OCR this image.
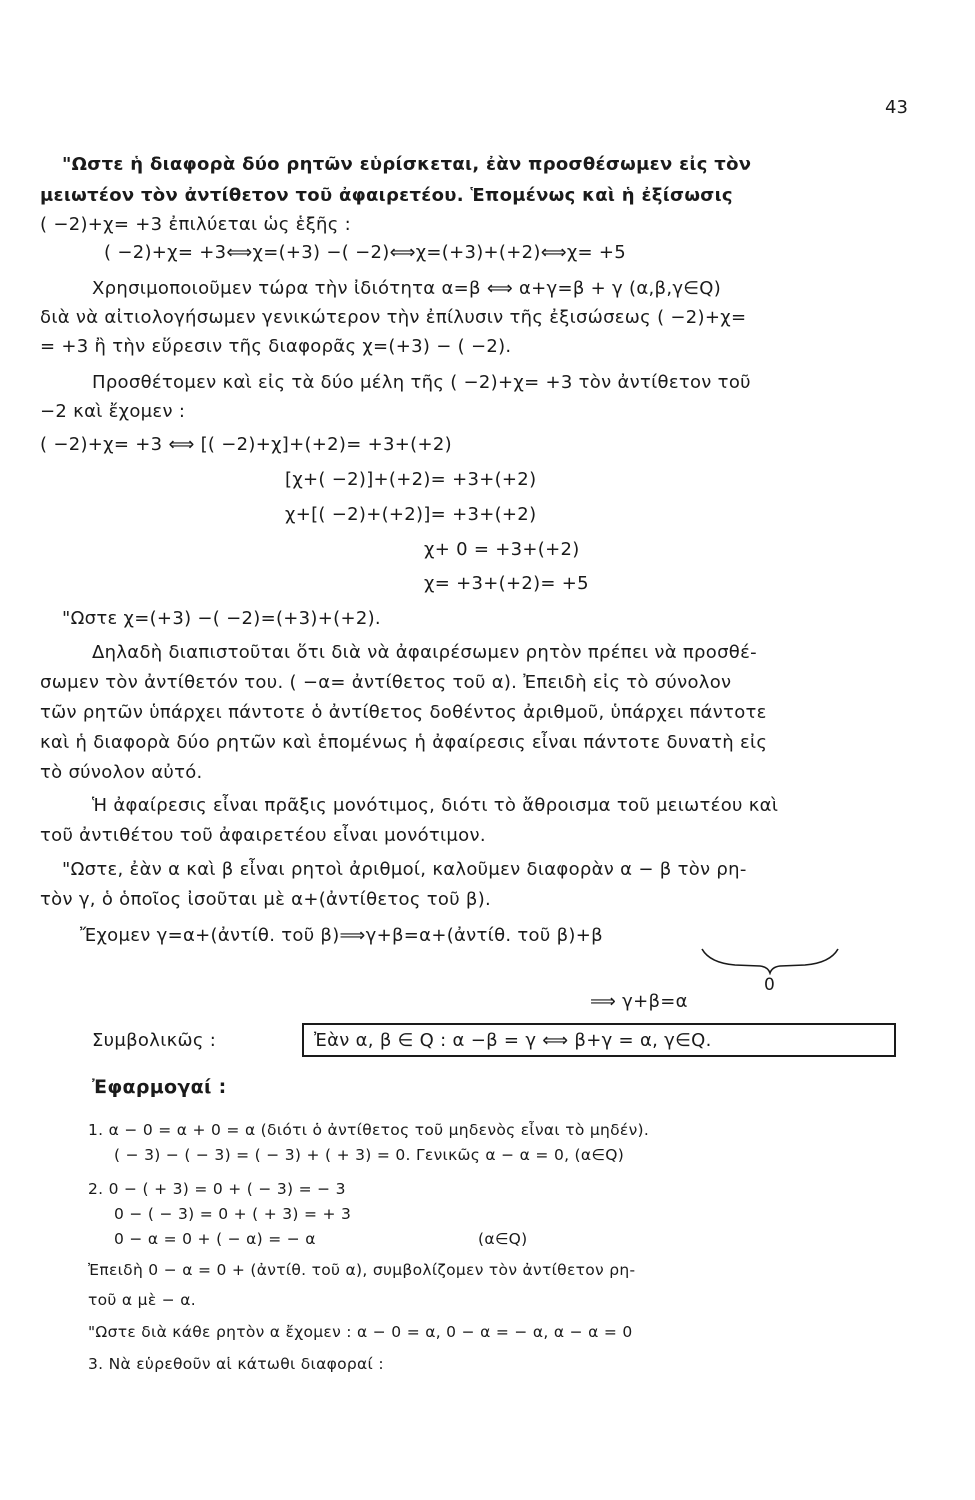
43
"Ωστε ἡ διαφορὰ δύο ρητῶν εὑρίσκεται, ἐὰν προσθέσωμεν εἰς τὸν
μειωτέον τὸν ἀντίθετον τοῦ ἀφαιρετέου. Ἑπομένως καὶ ἡ ἐξίσωσις
( −2)+χ= +3 ἐπιλύεται ὡς ἑξῆς :
( −2)+χ= +3⟺χ=(+3) −( −2)⟺χ=(+3)+(+2)⟺χ= +5
Χρησιμοποιοῦμεν τώρα τὴν ἰδιότητα α=β ⟺ α+γ=β + γ (α,β,γ∈Q)
διὰ νὰ αἰτιολογήσωμεν γενικώτερον τὴν ἐπίλυσιν τῆς ἐξισώσεως ( −2)+χ=
= +3 ἢ τὴν εὕρεσιν τῆς διαφορᾶς χ=(+3) − ( −2).
Προσθέτομεν καὶ εἰς τὰ δύο μέλη τῆς ( −2)+χ= +3 τὸν ἀντίθετον τοῦ
−2 καὶ ἔχομεν :
( −2)+χ= +3 ⟺ [( −2)+χ]+(+2)= +3+(+2)
[χ+( −2)]+(+2)= +3+(+2)
χ+[( −2)+(+2)]= +3+(+2)
χ+ 0 = +3+(+2)
χ= +3+(+2)= +5
"Ωστε χ=(+3) −( −2)=(+3)+(+2).
Δηλαδὴ διαπιστοῦται ὅτι διὰ νὰ ἀφαιρέσωμεν ρητὸν πρέπει νὰ προσθέ-
σωμεν τὸν ἀντίθετόν του. ( −α= ἀντίθετος τοῦ α). Ἐπειδὴ εἰς τὸ σύνολον
τῶν ρητῶν ὑπάρχει πάντοτε ὁ ἀντίθετος δοθέντος ἀριθμοῦ, ὑπάρχει πάντοτε
καὶ ἡ διαφορὰ δύο ρητῶν καὶ ἑπομένως ἡ ἀφαίρεσις εἶναι πάντοτε δυνατὴ εἰς
τὸ σύνολον αὐτό.
Ἡ ἀφαίρεσις εἶναι πρᾶξις μονότιμος, διότι τὸ ἄθροισμα τοῦ μειωτέου καὶ
τοῦ ἀντιθέτου τοῦ ἀφαιρετέου εἶναι μονότιμον.
"Ωστε, ἐὰν α καὶ β εἶναι ρητοὶ ἀριθμοί, καλοῦμεν διαφορὰν α − β τὸν ρη-
τὸν γ, ὁ ὁποῖος ἰσοῦται μὲ α+(ἀντίθετος τοῦ β).
Ἔχομεν γ=α+(ἀντίθ. τοῦ β)⟹γ+β=α+(ἀντίθ. τοῦ β)+β
0
⟹ γ+β=α
Συμβολικῶς :	Ἐὰν α, β ∈ Q : α −β = γ ⟺ β+γ = α, γ∈Q.
Ἐφαρμογαί :
1. α − 0 = α + 0 = α (διότι ὁ ἀντίθετος τοῦ μηδενὸς εἶναι τὸ μηδέν).
( − 3) − ( − 3) = ( − 3) + ( + 3) = 0. Γενικῶς α − α = 0, (α∈Q)
2. 0 − ( + 3) = 0 + ( − 3) = − 3
0 − ( − 3) = 0 + ( + 3) = + 3
0 − α = 0 + ( − α) = − α	(α∈Q)
Ἐπειδὴ 0 − α = 0 + (ἀντίθ. τοῦ α), συμβολίζομεν τὸν ἀντίθετον ρη-
τοῦ α μὲ − α.
"Ωστε διὰ κάθε ρητὸν α ἔχομεν : α − 0 = α, 0 − α = − α, α − α = 0
3. Νὰ εὑρεθοῦν αἱ κάτωθι διαφοραί :
